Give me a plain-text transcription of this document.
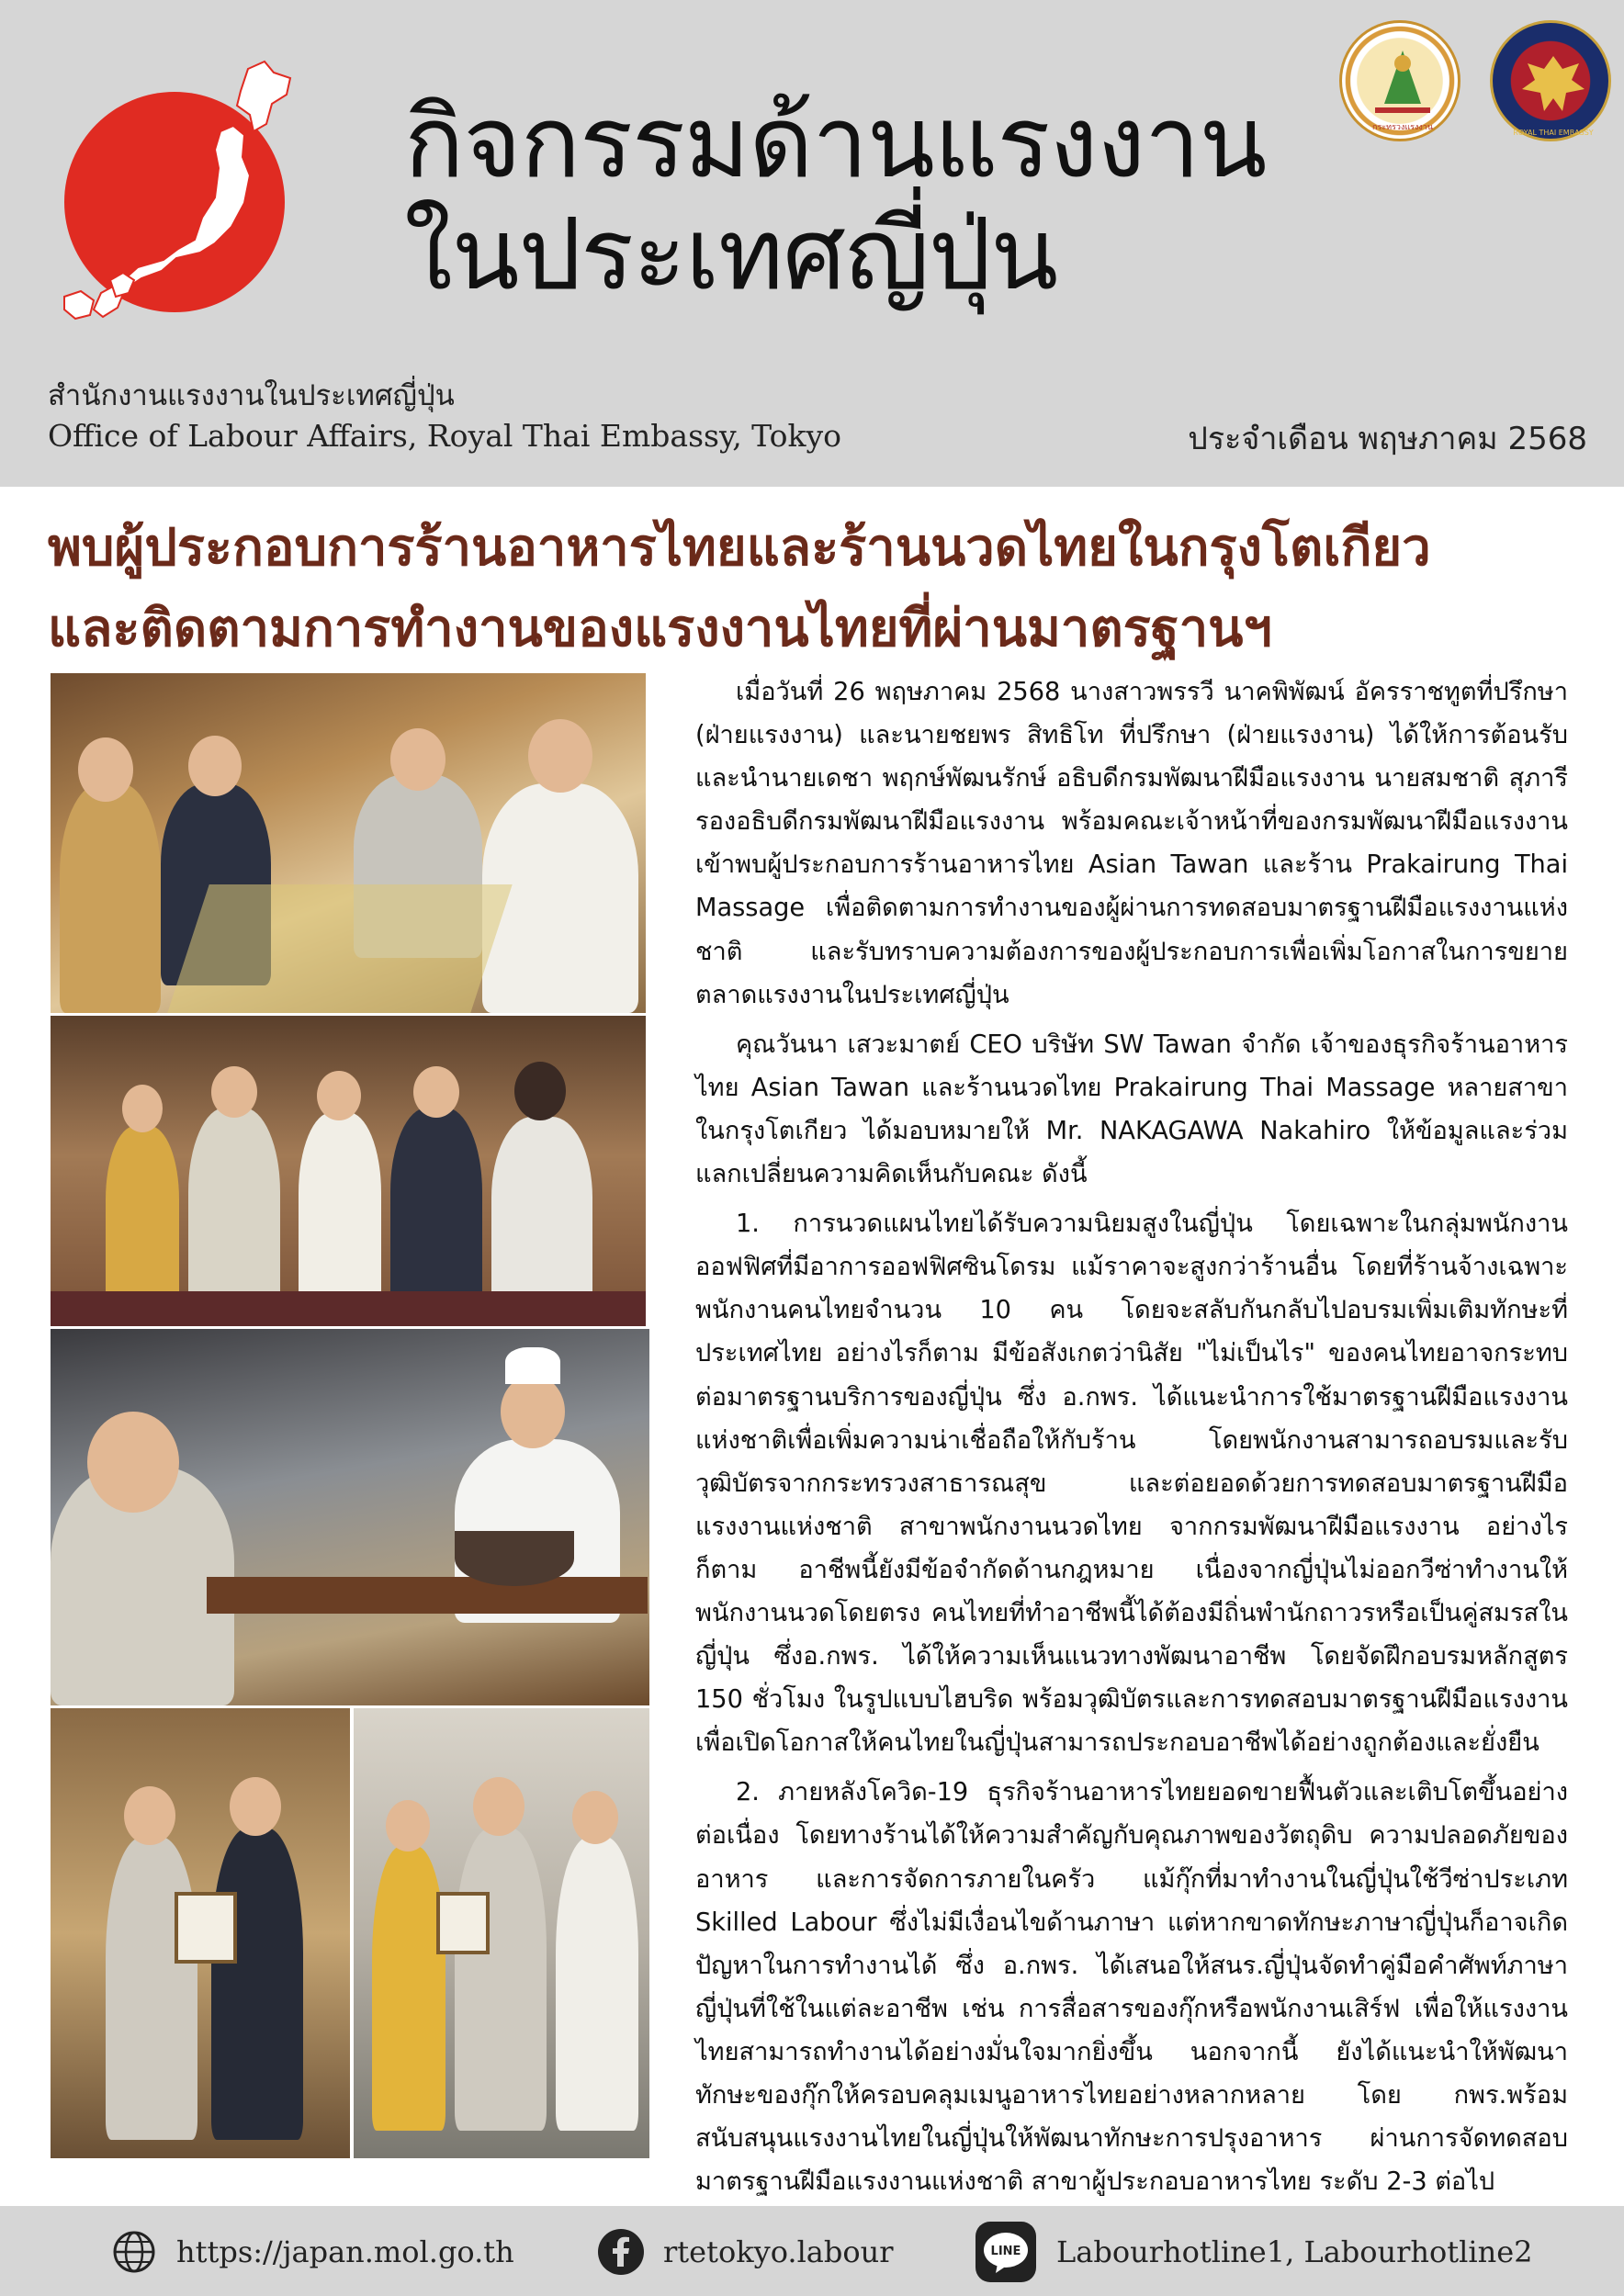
กิจกรรมด้านแรงงาน
ในประเทศญี่ปุ่น
กระทรวงแรงงาน
ROYAL THAI EMBASSY
สำนักงานแรงงานในประเทศญี่ปุ่น
Office of Labour Affairs, Royal Thai Embassy, Tokyo	ประจำเดือน พฤษภาคม 2568
พบผู้ประกอบการร้านอาหารไทยและร้านนวดไทยในกรุงโตเกียว
และติดตามการทำงานของแรงงานไทยที่ผ่านมาตรฐานฯ

เมื่อวันที่ 26 พฤษภาคม 2568 นางสาวพรรวี นาคพิพัฒน์ อัครราชทูตที่ปรึกษา (ฝ่ายแรงงาน) และนายชยพร สิทธิโท ที่ปรึกษา (ฝ่ายแรงงาน) ได้ให้การต้อนรับและนำนายเดชา พฤกษ์พัฒนรักษ์ อธิบดีกรมพัฒนาฝีมือแรงงาน นายสมชาติ สุภารี รองอธิบดีกรมพัฒนาฝีมือแรงงาน พร้อมคณะเจ้าหน้าที่ของกรมพัฒนาฝีมือแรงงาน เข้าพบผู้ประกอบการร้านอาหารไทย Asian Tawan และร้าน Prakairung Thai Massage เพื่อติดตามการทำงานของผู้ผ่านการทดสอบมาตรฐานฝีมือแรงงานแห่งชาติ และรับทราบความต้องการของผู้ประกอบการเพื่อเพิ่มโอกาสในการขยายตลาดแรงงานในประเทศญี่ปุ่น

คุณวันนา เสวะมาตย์ CEO บริษัท SW Tawan จำกัด เจ้าของธุรกิจร้านอาหารไทย Asian Tawan และร้านนวดไทย Prakairung Thai Massage หลายสาขาในกรุงโตเกียว ได้มอบหมายให้ Mr. NAKAGAWA Nakahiro ให้ข้อมูลและร่วมแลกเปลี่ยนความคิดเห็นกับคณะ ดังนี้

1. การนวดแผนไทยได้รับความนิยมสูงในญี่ปุ่น โดยเฉพาะในกลุ่มพนักงานออฟฟิศที่มีอาการออฟฟิศซินโดรม แม้ราคาจะสูงกว่าร้านอื่น โดยที่ร้านจ้างเฉพาะพนักงานคนไทยจำนวน 10 คน โดยจะสลับกันกลับไปอบรมเพิ่มเติมทักษะที่ประเทศไทย อย่างไรก็ตาม มีข้อสังเกตว่านิสัย "ไม่เป็นไร" ของคนไทยอาจกระทบต่อมาตรฐานบริการของญี่ปุ่น ซึ่ง อ.กพร. ได้แนะนำการใช้มาตรฐานฝีมือแรงงานแห่งชาติเพื่อเพิ่มความน่าเชื่อถือให้กับร้าน โดยพนักงานสามารถอบรมและรับวุฒิบัตรจากกระทรวงสาธารณสุข และต่อยอดด้วยการทดสอบมาตรฐานฝีมือแรงงานแห่งชาติ สาขาพนักงานนวดไทย จากกรมพัฒนาฝีมือแรงงาน อย่างไรก็ตาม อาชีพนี้ยังมีข้อจำกัดด้านกฎหมาย เนื่องจากญี่ปุ่นไม่ออกวีซ่าทำงานให้พนักงานนวดโดยตรง คนไทยที่ทำอาชีพนี้ได้ต้องมีถิ่นพำนักถาวรหรือเป็นคู่สมรสในญี่ปุ่น ซึ่งอ.กพร. ได้ให้ความเห็นแนวทางพัฒนาอาชีพ โดยจัดฝึกอบรมหลักสูตร 150 ชั่วโมง ในรูปแบบไฮบริด พร้อมวุฒิบัตรและการทดสอบมาตรฐานฝีมือแรงงาน เพื่อเปิดโอกาสให้คนไทยในญี่ปุ่นสามารถประกอบอาชีพได้อย่างถูกต้องและยั่งยืน

2. ภายหลังโควิด-19 ธุรกิจร้านอาหารไทยยอดขายฟื้นตัวและเติบโตขึ้นอย่างต่อเนื่อง โดยทางร้านได้ให้ความสำคัญกับคุณภาพของวัตถุดิบ ความปลอดภัยของอาหาร และการจัดการภายในครัว แม้กุ๊กที่มาทำงานในญี่ปุ่นใช้วีซ่าประเภท Skilled Labour ซึ่งไม่มีเงื่อนไขด้านภาษา แต่หากขาดทักษะภาษาญี่ปุ่นก็อาจเกิดปัญหาในการทำงานได้ ซึ่ง อ.กพร. ได้เสนอให้สนร.ญี่ปุ่นจัดทำคู่มือคำศัพท์ภาษาญี่ปุ่นที่ใช้ในแต่ละอาชีพ เช่น การสื่อสารของกุ๊กหรือพนักงานเสิร์ฟ เพื่อให้แรงงานไทยสามารถทำงานได้อย่างมั่นใจมากยิ่งขึ้น นอกจากนี้ ยังได้แนะนำให้พัฒนาทักษะของกุ๊กให้ครอบคลุมเมนูอาหารไทยอย่างหลากหลาย โดย กพร.พร้อมสนับสนุนแรงงานไทยในญี่ปุ่นให้พัฒนาทักษะการปรุงอาหาร ผ่านการจัดทดสอบมาตรฐานฝีมือแรงงานแห่งชาติ สาขาผู้ประกอบอาหารไทย ระดับ 2-3 ต่อไป

https://japan.mol.go.th	rtetokyo.labour	LINE Labourhotline1, Labourhotline2
